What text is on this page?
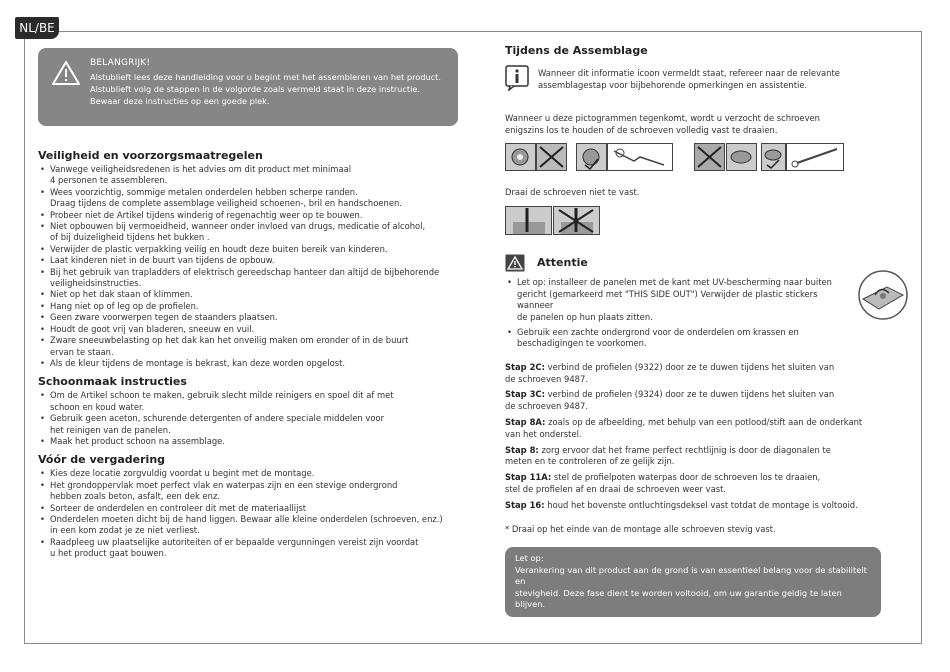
NL/BE
BELANGRIJK!
Alstublieft lees deze handleiding voor u begint met het assembleren van het product.
Alstublieft volg de stappen in de volgorde zoals vermeld staat in deze instructie.
Bewaar deze instructies op een goede plek.
Veiligheid en voorzorgsmaatregelen
• Vanwege veiligheidsredenen is het advies om dit product met minimaal
4 personen te assembleren.
• Wees voorzichtig, sommige metalen onderdelen hebben scherpe randen.
Draag tijdens de complete assemblage veiligheid schoenen-, bril en handschoenen.
• Probeer niet de Artikel tijdens winderig of regenachtig weer op te bouwen.
• Niet opbouwen bij vermoeidheid, wanneer onder invloed van drugs, medicatie of alcohol,
of bij duizeligheid tijdens het bukken .
• Verwijder de plastic verpakking veilig en houdt deze buiten bereik van kinderen.
• Laat kinderen niet in de buurt van tijdens de opbouw.
• Bij het gebruik van trapladders of elektrisch gereedschap hanteer dan altijd de bijbehorende
veiligheidsinstructies.
• Niet op het dak staan of klimmen.
• Hang niet op of leg op de profielen.
• Geen zware voorwerpen tegen de staanders plaatsen.
• Houdt de goot vrij van bladeren, sneeuw en vuil.
• Zware sneeuwbelasting op het dak kan het onveilig maken om eronder of in de buurt
ervan te staan.
• Als de kleur tijdens de montage is bekrast, kan deze worden opgelost.
Schoonmaak instructies
• Om de Artikel schoon te maken, gebruik slecht milde reinigers en spoel dit af met
schoon en koud water.
• Gebruik geen aceton, schurende detergenten of andere speciale middelen voor
het reinigen van de panelen.
• Maak het product schoon na assemblage.
Vóór de vergadering
• Kies deze locatie zorgvuldig voordat u begint met de montage.
• Het grondoppervlak moet perfect vlak en waterpas zijn en een stevige ondergrond
hebben zoals beton, asfalt, een dek enz.
• Sorteer de onderdelen en controleer dit met de materiaallijst
• Onderdelen moeten dicht bij de hand liggen. Bewaar alle kleine onderdelen (schroeven, enz.)
in een kom zodat je ze niet verliest.
• Raadpleeg uw plaatselijke autoriteiten of er bepaalde vergunningen vereist zijn voordat
u het product gaat bouwen.
Tijdens de Assemblage

Wanneer dit informatie icoon vermeldt staat, refereer naar de relevante

assemblagestap voor bijbehorende opmerkingen en assistentie.

Wanneer u deze pictogrammen tegenkomt, wordt u verzocht de schroeven

enigszins los te houden of de schroeven volledig vast te draaien.

Draai de schroeven niet te vast.

Attentie
• Let op: installeer de panelen met de kant met UV-bescherming naar buiten
gericht (gemarkeerd met "THIS SIDE OUT") Verwijder de plastic stickers wanneer
de panelen op hun plaats zitten.
• Gebruik een zachte ondergrond voor de onderdelen om krassen en
beschadigingen te voorkomen.

Stap 2C: verbind de profielen (9322) door ze te duwen tijdens het sluiten van
de schroeven 9487.

Stap 3C: verbind de profielen (9324) door ze te duwen tijdens het sluiten van
de schroeven 9487.

Stap 8A: zoals op de afbeelding, met behulp van een potlood/stift aan de onderkant
van het onderstel.

Stap 8: zorg ervoor dat het frame perfect rechtlijnig is door de diagonalen te
meten en te controleren of ze gelijk zijn.

Stap 11A: stel de profielpoten waterpas door de schroeven los te draaien,
stel de profielen af en draai de schroeven weer vast.

Stap 16: houd het bovenste ontluchtingsdeksel vast totdat de montage is voltooid.

* Draai op het einde van de montage alle schroeven stevig vast.

Let op:
Verankering van dit product aan de grond is van essentieel belang voor de stabiliteit en
stevigheid. Deze fase dient te worden voltooid, om uw garantie geldig te laten blijven.
